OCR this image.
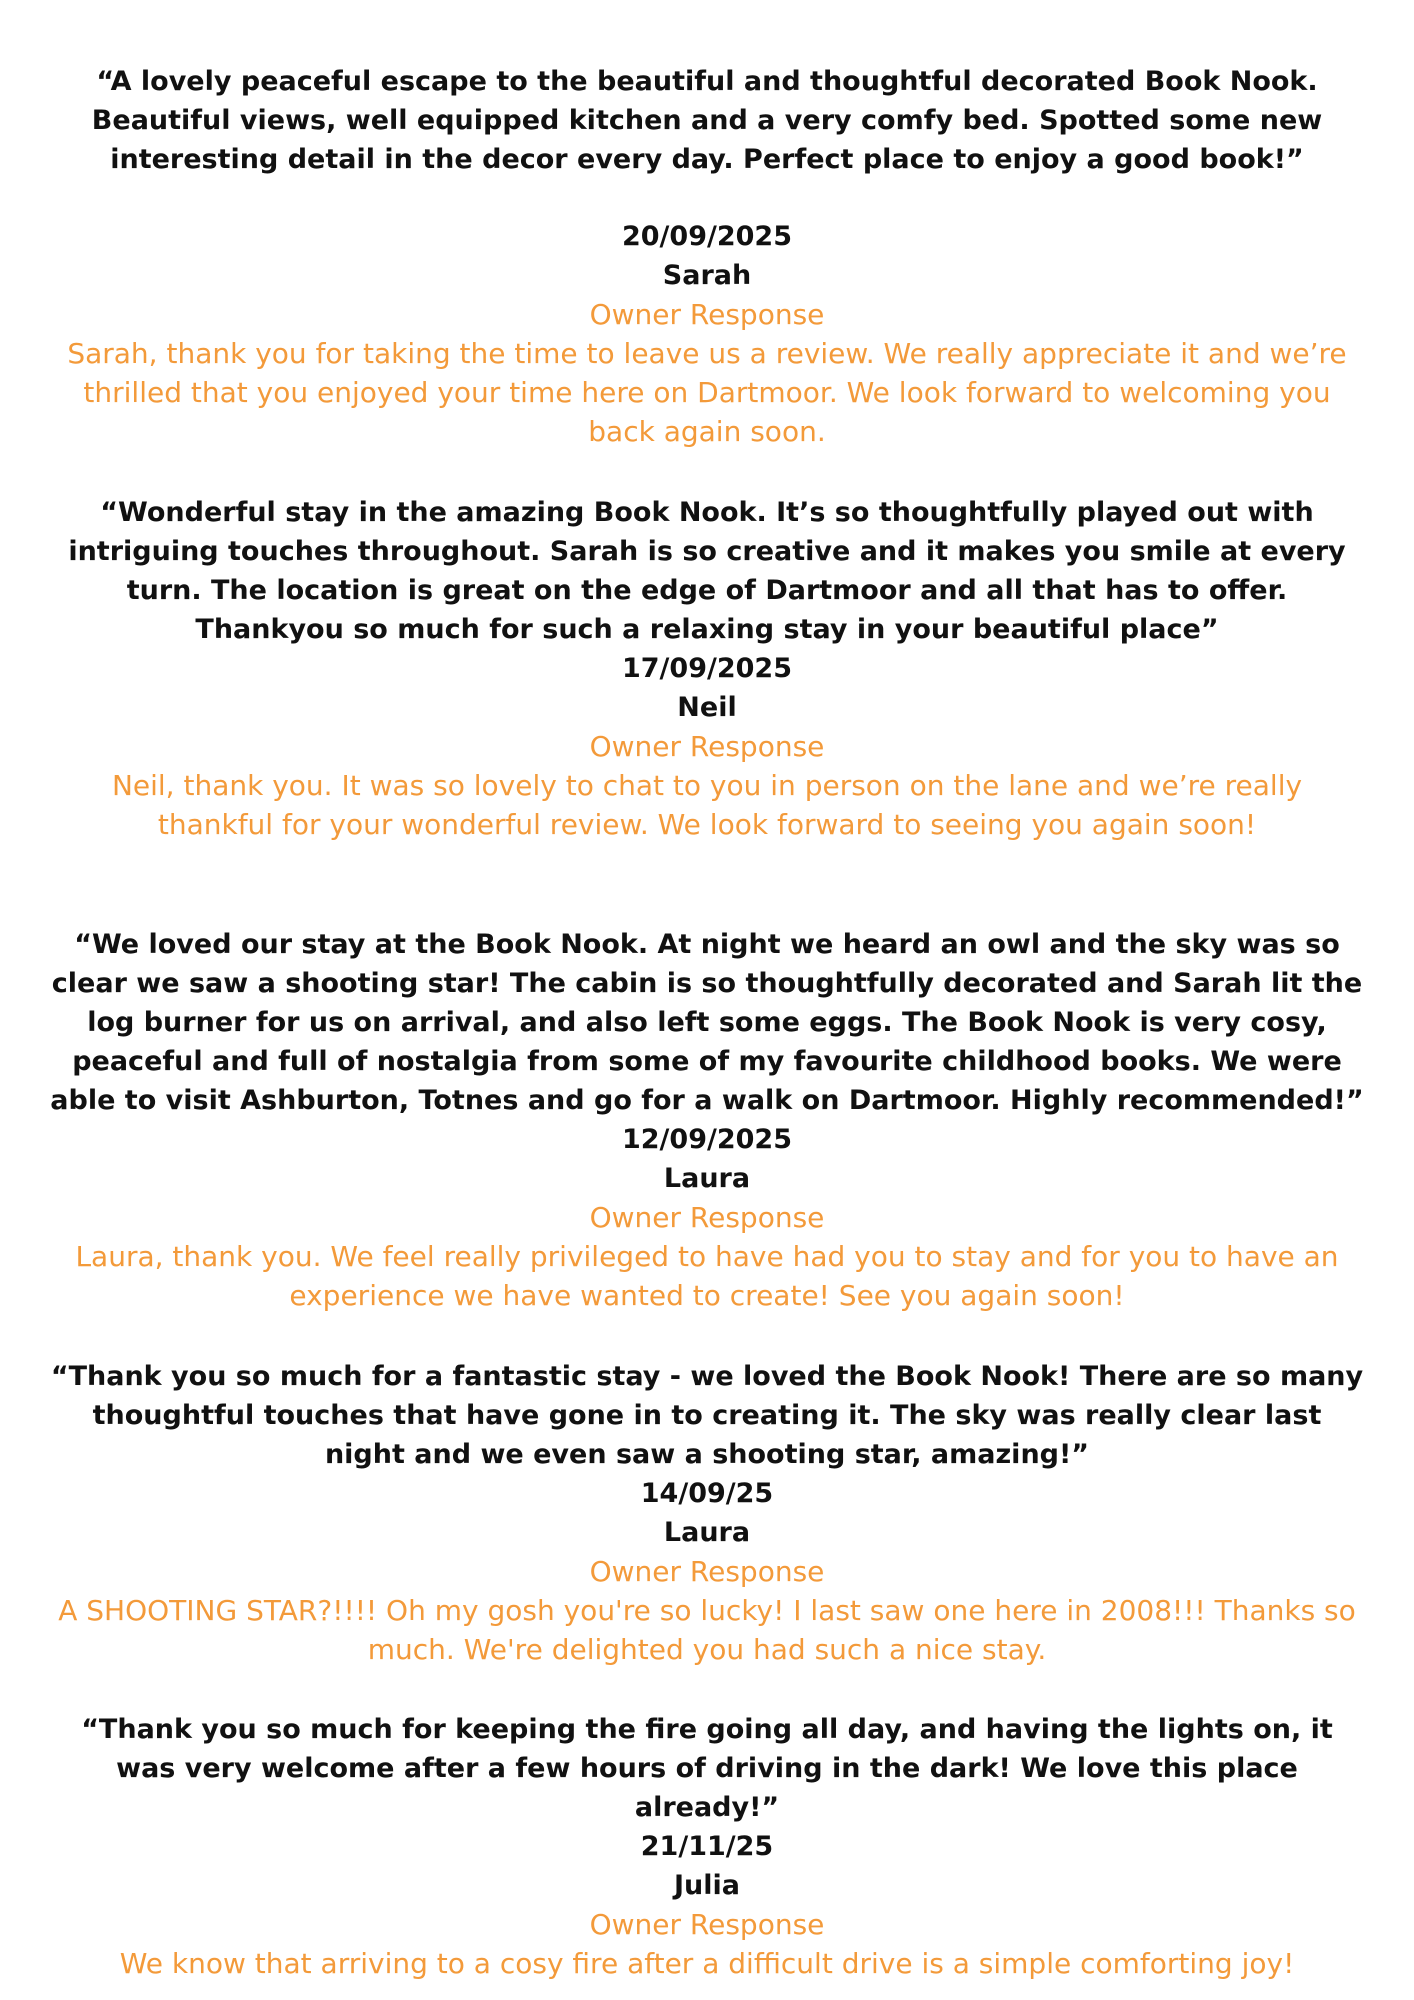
“A lovely peaceful escape to the beautiful and thoughtful decorated Book Nook. Beautiful views, well equipped kitchen and a very comfy bed. Spotted some new interesting detail in the decor every day. Perfect place to enjoy a good book!”

20/09/2025
Sarah
Owner Response

Sarah, thank you for taking the time to leave us a review. We really appreciate it and we’re thrilled that you enjoyed your time here on Dartmoor. We look forward to welcoming you back again soon.

“Wonderful stay in the amazing Book Nook. It’s so thoughtfully played out with intriguing touches throughout. Sarah is so creative and it makes you smile at every turn. The location is great on the edge of Dartmoor and all that has to offer. Thankyou so much for such a relaxing stay in your beautiful place”

17/09/2025
Neil
Owner Response

Neil, thank you. It was so lovely to chat to you in person on the lane and we’re really thankful for your wonderful review. We look forward to seeing you again soon!

“We loved our stay at the Book Nook. At night we heard an owl and the sky was so clear we saw a shooting star! The cabin is so thoughtfully decorated and Sarah lit the log burner for us on arrival, and also left some eggs. The Book Nook is very cosy, peaceful and full of nostalgia from some of my favourite childhood books. We were able to visit Ashburton, Totnes and go for a walk on Dartmoor. Highly recommended!”

12/09/2025
Laura
Owner Response

Laura, thank you. We feel really privileged to have had you to stay and for you to have an experience we have wanted to create! See you again soon!

“Thank you so much for a fantastic stay - we loved the Book Nook! There are so many thoughtful touches that have gone in to creating it. The sky was really clear last night and we even saw a shooting star, amazing!”

14/09/25
Laura
Owner Response

A SHOOTING STAR?!!!! Oh my gosh you're so lucky! I last saw one here in 2008!!! Thanks so much. We're delighted you had such a nice stay.

“Thank you so much for keeping the fire going all day, and having the lights on, it was very welcome after a few hours of driving in the dark! We love this place already!”

21/11/25
Julia
Owner Response

We know that arriving to a cosy fire after a difficult drive is a simple comforting joy!
